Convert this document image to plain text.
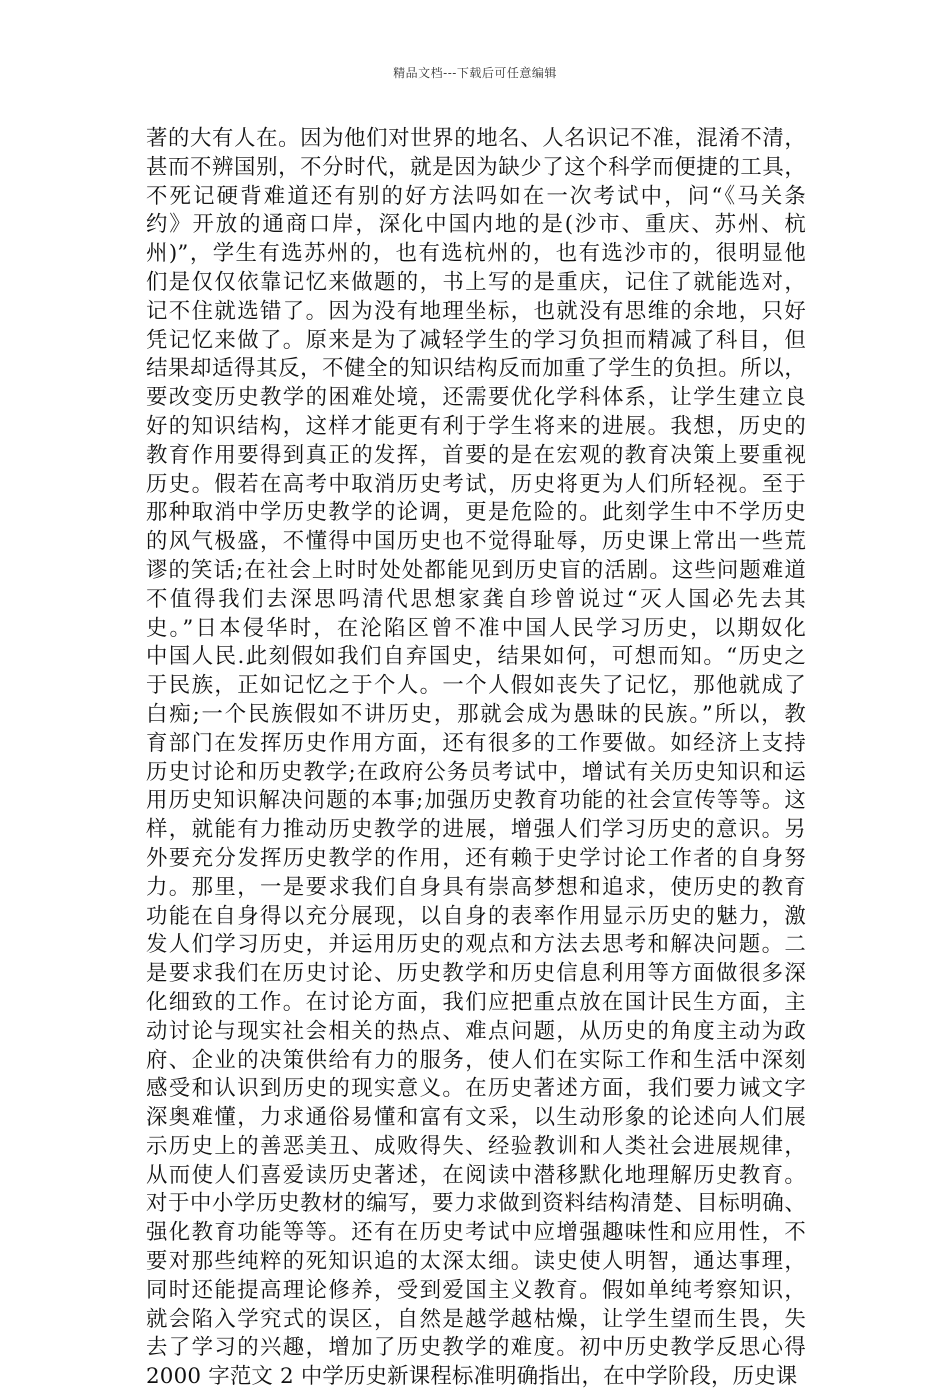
精品文档---下载后可任意编辑
著的大有人在。因为他们对世界的地名、人名识记不准，混淆不清，
甚而不辨国别，不分时代，就是因为缺少了这个科学而便捷的工具，
不死记硬背难道还有别的好方法吗如在一次考试中，问“《马关条
约》开放的通商口岸，深化中国内地的是(沙市、重庆、苏州、杭
州)”，学生有选苏州的，也有选杭州的，也有选沙市的，很明显他
们是仅仅依靠记忆来做题的，书上写的是重庆，记住了就能选对，
记不住就选错了。因为没有地理坐标，也就没有思维的余地，只好
凭记忆来做了。原来是为了减轻学生的学习负担而精减了科目，但
结果却适得其反，不健全的知识结构反而加重了学生的负担。所以，
要改变历史教学的困难处境，还需要优化学科体系，让学生建立良
好的知识结构，这样才能更有利于学生将来的进展。我想，历史的
教育作用要得到真正的发挥，首要的是在宏观的教育决策上要重视
历史。假若在高考中取消历史考试，历史将更为人们所轻视。至于
那种取消中学历史教学的论调，更是危险的。此刻学生中不学历史
的风气极盛，不懂得中国历史也不觉得耻辱，历史课上常出一些荒
谬的笑话;在社会上时时处处都能见到历史盲的活剧。这些问题难道
不值得我们去深思吗清代思想家龚自珍曾说过“灭人国必先去其
史。”日本侵华时，在沦陷区曾不准中国人民学习历史，以期奴化
中国人民.此刻假如我们自弃国史，结果如何，可想而知。“历史之
于民族，正如记忆之于个人。一个人假如丧失了记忆，那他就成了
白痴;一个民族假如不讲历史，那就会成为愚昧的民族。”所以，教
育部门在发挥历史作用方面，还有很多的工作要做。如经济上支持
历史讨论和历史教学;在政府公务员考试中，增试有关历史知识和运
用历史知识解决问题的本事;加强历史教育功能的社会宣传等等。这
样，就能有力推动历史教学的进展，增强人们学习历史的意识。另
外要充分发挥历史教学的作用，还有赖于史学讨论工作者的自身努
力。那里，一是要求我们自身具有崇高梦想和追求，使历史的教育
功能在自身得以充分展现，以自身的表率作用显示历史的魅力，激
发人们学习历史，并运用历史的观点和方法去思考和解决问题。二
是要求我们在历史讨论、历史教学和历史信息利用等方面做很多深
化细致的工作。在讨论方面，我们应把重点放在国计民生方面，主
动讨论与现实社会相关的热点、难点问题，从历史的角度主动为政
府、企业的决策供给有力的服务，使人们在实际工作和生活中深刻
感受和认识到历史的现实意义。在历史著述方面，我们要力诫文字
深奥难懂，力求通俗易懂和富有文采，以生动形象的论述向人们展
示历史上的善恶美丑、成败得失、经验教训和人类社会进展规律，
从而使人们喜爱读历史著述，在阅读中潜移默化地理解历史教育。
对于中小学历史教材的编写，要力求做到资料结构清楚、目标明确、
强化教育功能等等。还有在历史考试中应增强趣味性和应用性，不
要对那些纯粹的死知识追的太深太细。读史使人明智，通达事理，
同时还能提高理论修养，受到爱国主义教育。假如单纯考察知识，
就会陷入学究式的误区，自然是越学越枯燥，让学生望而生畏，失
去了学习的兴趣，增加了历史教学的难度。初中历史教学反思心得
2000 字范文 2 中学历史新课程标准明确指出，在中学阶段，历史课
